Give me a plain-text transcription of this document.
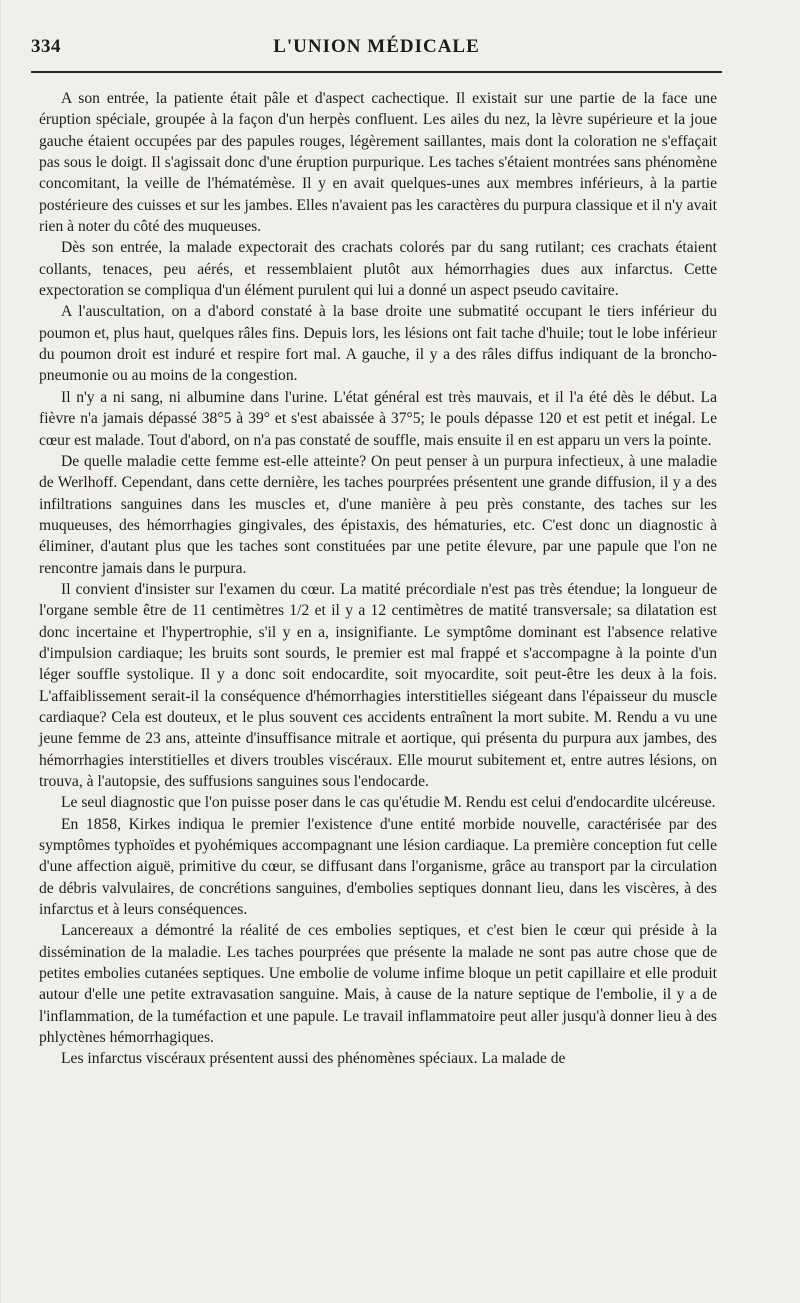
334	L'UNION MÉDICALE

A son entrée, la patiente était pâle et d'aspect cachectique. Il existait sur une partie de la face une éruption spéciale, groupée à la façon d'un herpès confluent. Les ailes du nez, la lèvre supérieure et la joue gauche étaient occupées par des papules rouges, légèrement saillantes, mais dont la coloration ne s'effaçait pas sous le doigt. Il s'agissait donc d'une éruption purpurique. Les taches s'étaient montrées sans phénomène concomitant, la veille de l'hématémèse. Il y en avait quelques-unes aux membres inférieurs, à la partie postérieure des cuisses et sur les jambes. Elles n'avaient pas les caractères du purpura classique et il n'y avait rien à noter du côté des muqueuses.

Dès son entrée, la malade expectorait des crachats colorés par du sang rutilant; ces crachats étaient collants, tenaces, peu aérés, et ressemblaient plutôt aux hémorrhagies dues aux infarctus. Cette expectoration se compliqua d'un élément purulent qui lui a donné un aspect pseudo cavitaire.

A l'auscultation, on a d'abord constaté à la base droite une submatité occupant le tiers inférieur du poumon et, plus haut, quelques râles fins. Depuis lors, les lésions ont fait tache d'huile; tout le lobe inférieur du poumon droit est induré et respire fort mal. A gauche, il y a des râles diffus indiquant de la broncho-pneumonie ou au moins de la congestion.

Il n'y a ni sang, ni albumine dans l'urine. L'état général est très mauvais, et il l'a été dès le début. La fièvre n'a jamais dépassé 38°5 à 39° et s'est abaissée à 37°5; le pouls dépasse 120 et est petit et inégal. Le cœur est malade. Tout d'abord, on n'a pas constaté de souffle, mais ensuite il en est apparu un vers la pointe.

De quelle maladie cette femme est-elle atteinte? On peut penser à un purpura infectieux, à une maladie de Werlhoff. Cependant, dans cette dernière, les taches pourprées présentent une grande diffusion, il y a des infiltrations sanguines dans les muscles et, d'une manière à peu près constante, des taches sur les muqueuses, des hémorrhagies gingivales, des épistaxis, des hématuries, etc. C'est donc un diagnostic à éliminer, d'autant plus que les taches sont constituées par une petite élevure, par une papule que l'on ne rencontre jamais dans le purpura.

Il convient d'insister sur l'examen du cœur. La matité précordiale n'est pas très étendue; la longueur de l'organe semble être de 11 centimètres 1/2 et il y a 12 centimètres de matité transversale; sa dilatation est donc incertaine et l'hypertrophie, s'il y en a, insignifiante. Le symptôme dominant est l'absence relative d'impulsion cardiaque; les bruits sont sourds, le premier est mal frappé et s'accompagne à la pointe d'un léger souffle systolique. Il y a donc soit endocardite, soit myocardite, soit peut-être les deux à la fois. L'affaiblissement serait-il la conséquence d'hémorrhagies interstitielles siégeant dans l'épaisseur du muscle cardiaque? Cela est douteux, et le plus souvent ces accidents entraînent la mort subite. M. Rendu a vu une jeune femme de 23 ans, atteinte d'insuffisance mitrale et aortique, qui présenta du purpura aux jambes, des hémorrhagies interstitielles et divers troubles viscéraux. Elle mourut subitement et, entre autres lésions, on trouva, à l'autopsie, des suffusions sanguines sous l'endocarde.

Le seul diagnostic que l'on puisse poser dans le cas qu'étudie M. Rendu est celui d'endocardite ulcéreuse.

En 1858, Kirkes indiqua le premier l'existence d'une entité morbide nouvelle, caractérisée par des symptômes typhoïdes et pyohémiques accompagnant une lésion cardiaque. La première conception fut celle d'une affection aiguë, primitive du cœur, se diffusant dans l'organisme, grâce au transport par la circulation de débris valvulaires, de concrétions sanguines, d'embolies septiques donnant lieu, dans les viscères, à des infarctus et à leurs conséquences.

Lancereaux a démontré la réalité de ces embolies septiques, et c'est bien le cœur qui préside à la dissémination de la maladie. Les taches pourprées que présente la malade ne sont pas autre chose que de petites embolies cutanées septiques. Une embolie de volume infime bloque un petit capillaire et elle produit autour d'elle une petite extravasation sanguine. Mais, à cause de la nature septique de l'embolie, il y a de l'inflammation, de la tuméfaction et une papule. Le travail inflammatoire peut aller jusqu'à donner lieu à des phlyctènes hémorrhagiques.

Les infarctus viscéraux présentent aussi des phénomènes spéciaux. La malade de
